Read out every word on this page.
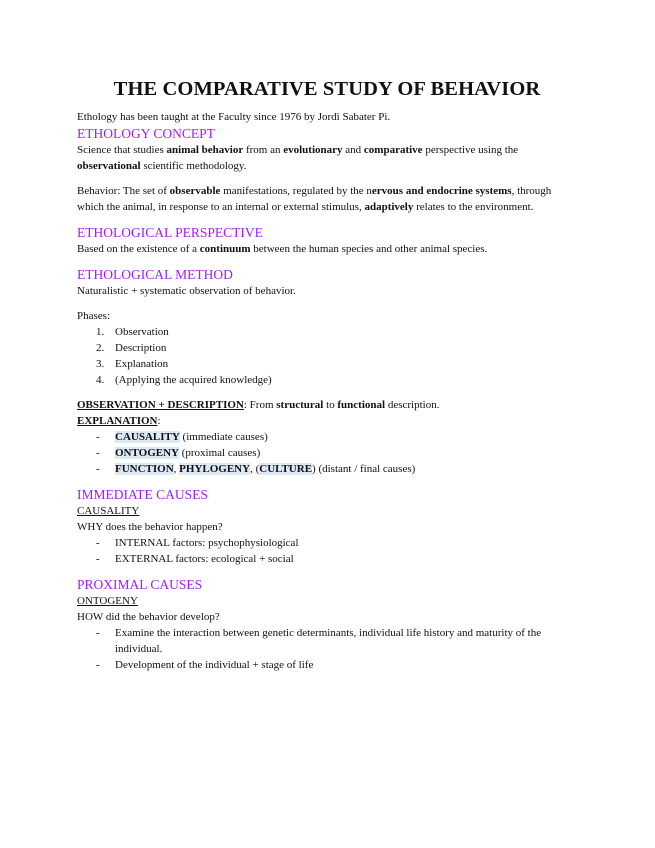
THE COMPARATIVE STUDY OF BEHAVIOR

Ethology has been taught at the Faculty since 1976 by Jordi Sabater Pi.

ETHOLOGY CONCEPT

Science that studies animal behavior from an evolutionary and comparative perspective using the observational scientific methodology.

Behavior: The set of observable manifestations, regulated by the nervous and endocrine systems, through which the animal, in response to an internal or external stimulus, adaptively relates to the environment.

ETHOLOGICAL PERSPECTIVE

Based on the existence of a continuum between the human species and other animal species.

ETHOLOGICAL METHOD

Naturalistic + systematic observation of behavior.

Phases:

1. Observation
2. Description
3. Explanation
4. (Applying the acquired knowledge)

OBSERVATION + DESCRIPTION: From structural to functional description.

EXPLANATION:

- CAUSALITY (immediate causes)
- ONTOGENY (proximal causes)
- FUNCTION, PHYLOGENY, (CULTURE) (distant / final causes)
IMMEDIATE CAUSES

CAUSALITY

WHY does the behavior happen?

- INTERNAL factors: psychophysiological
- EXTERNAL factors: ecological + social
PROXIMAL CAUSES

ONTOGENY

HOW did the behavior develop?

- Examine the interaction between genetic determinants, individual life history and maturity of the individual.
- Development of the individual + stage of life
